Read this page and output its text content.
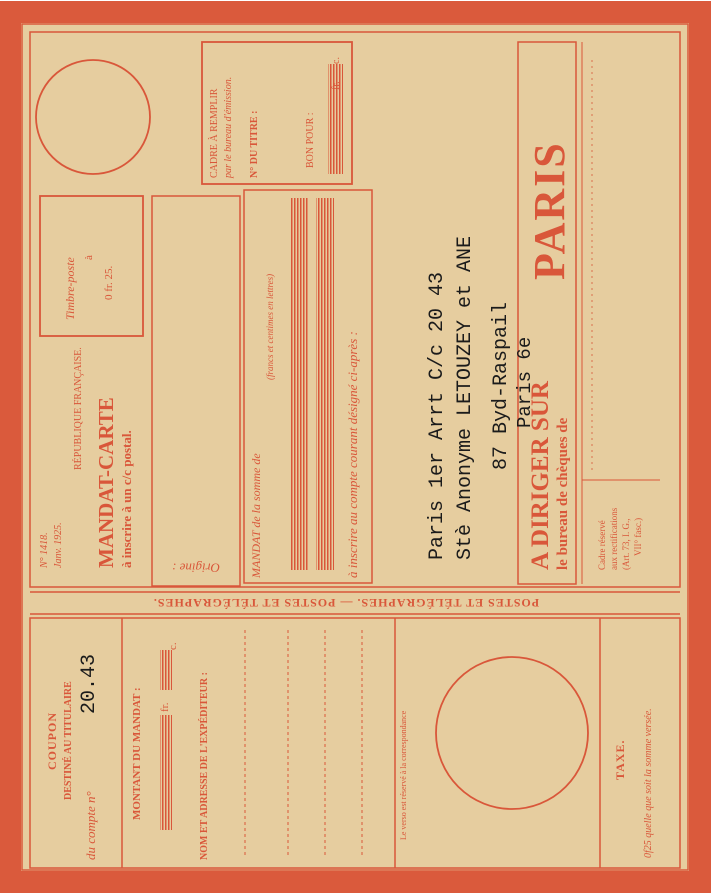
Timbre-poste à
0 fr. 25.
N° 1418. Janv. 1925.
RÉPUBLIQUE FRANÇAISE. MANDAT-CARTE à inscrire à un c/c postal.
CADRE À REMPLIR par le bureau d'émission. N° DU TITRE :	BON POUR :
fr.
c.
Origine : MANDAT de la somme de
(francs et centimes en lettres)
à inscrire au compte courant désigné ci-après :	Paris 1er Arrt C/c 20 43 Stè Anonyme LETOUZEY et ANE 87 Byd-Raspail Paris 6e
A DIRIGER SUR le bureau de chèques de
PARIS
Cadre réservé aux rectifications (Art. 73, I. G., VII° fasc.)
POSTES ET TÉLÉGRAPHES. — POSTES ET TÉLÉGRAPHES.
COUPON DESTINÉ AU TITULAIRE
du compte n°
20.43
MONTANT DU MANDAT : fr.
c.
NOM ET ADRESSE DE L'EXPÉDITEUR :	Le verso est réservé à la correspondance	TAXE. 0f25 quelle que soit la somme versée.
